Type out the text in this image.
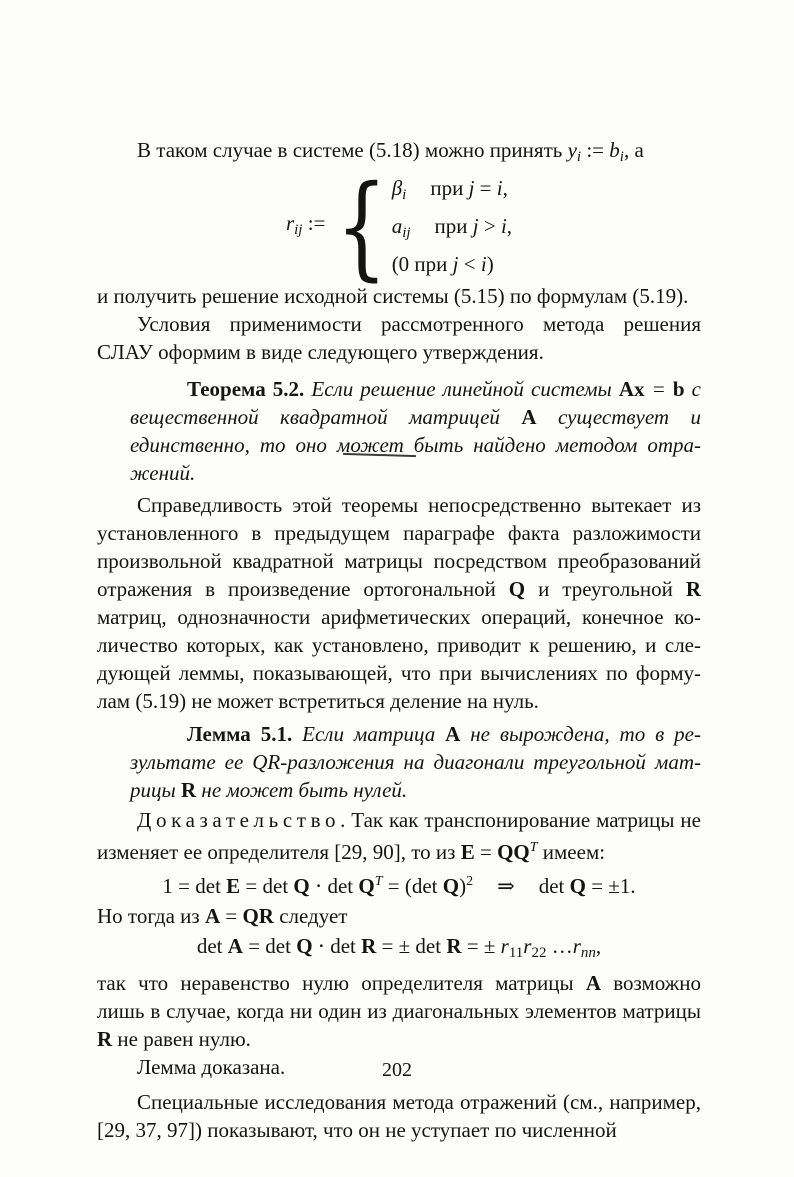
В таком случае в системе (5.18) можно принять yi := bi, а

rij := { βi при j = i,
aij при j > i,
(0 при j < i)

и получить решение исходной системы (5.15) по формулам (5.19).

Условия применимости рассмотренного метода решения СЛАУ оформим в виде следующего утверждения.

Теорема 5.2. Если решение линейной системы Ax = b с вещественной квадратной матрицей A существует и единственно, то оно может быть найдено методом отражений.

Справедливость этой теоремы непосредственно вытекает из установленного в предыдущем параграфе факта разложимости произвольной квадратной матрицы посредством преобразований отражения в произведение ортогональной Q и треугольной R матриц, однозначности арифметических операций, конечное количество которых, как установлено, приводит к решению, и следующей леммы, показывающей, что при вычислениях по формулам (5.19) не может встретиться деление на нуль.

Лемма 5.1. Если матрица A не вырождена, то в результате ее QR-разложения на диагонали треугольной матрицы R не может быть нулей.

Доказательство. Так как транспонирование матрицы не изменяет ее определителя [29, 90], то из $E = QQ^T$ имеем:

$1 = \det E = \det Q \cdot \det Q^T = (\det$ Q)$^2$ ⇒ det Q = ±1.

Но тогда из A = QR следует

det A = det Q ⋅ det R = ± det R = ± r11r22 …rnn,

так что неравенство нулю определителя матрицы A возможно лишь в случае, когда ни один из диагональных элементов матрицы R не равен нулю.

Лемма доказана.

Специальные исследования метода отражений (см., например, [29, 37, 97]) показывают, что он не уступает по численной

202
